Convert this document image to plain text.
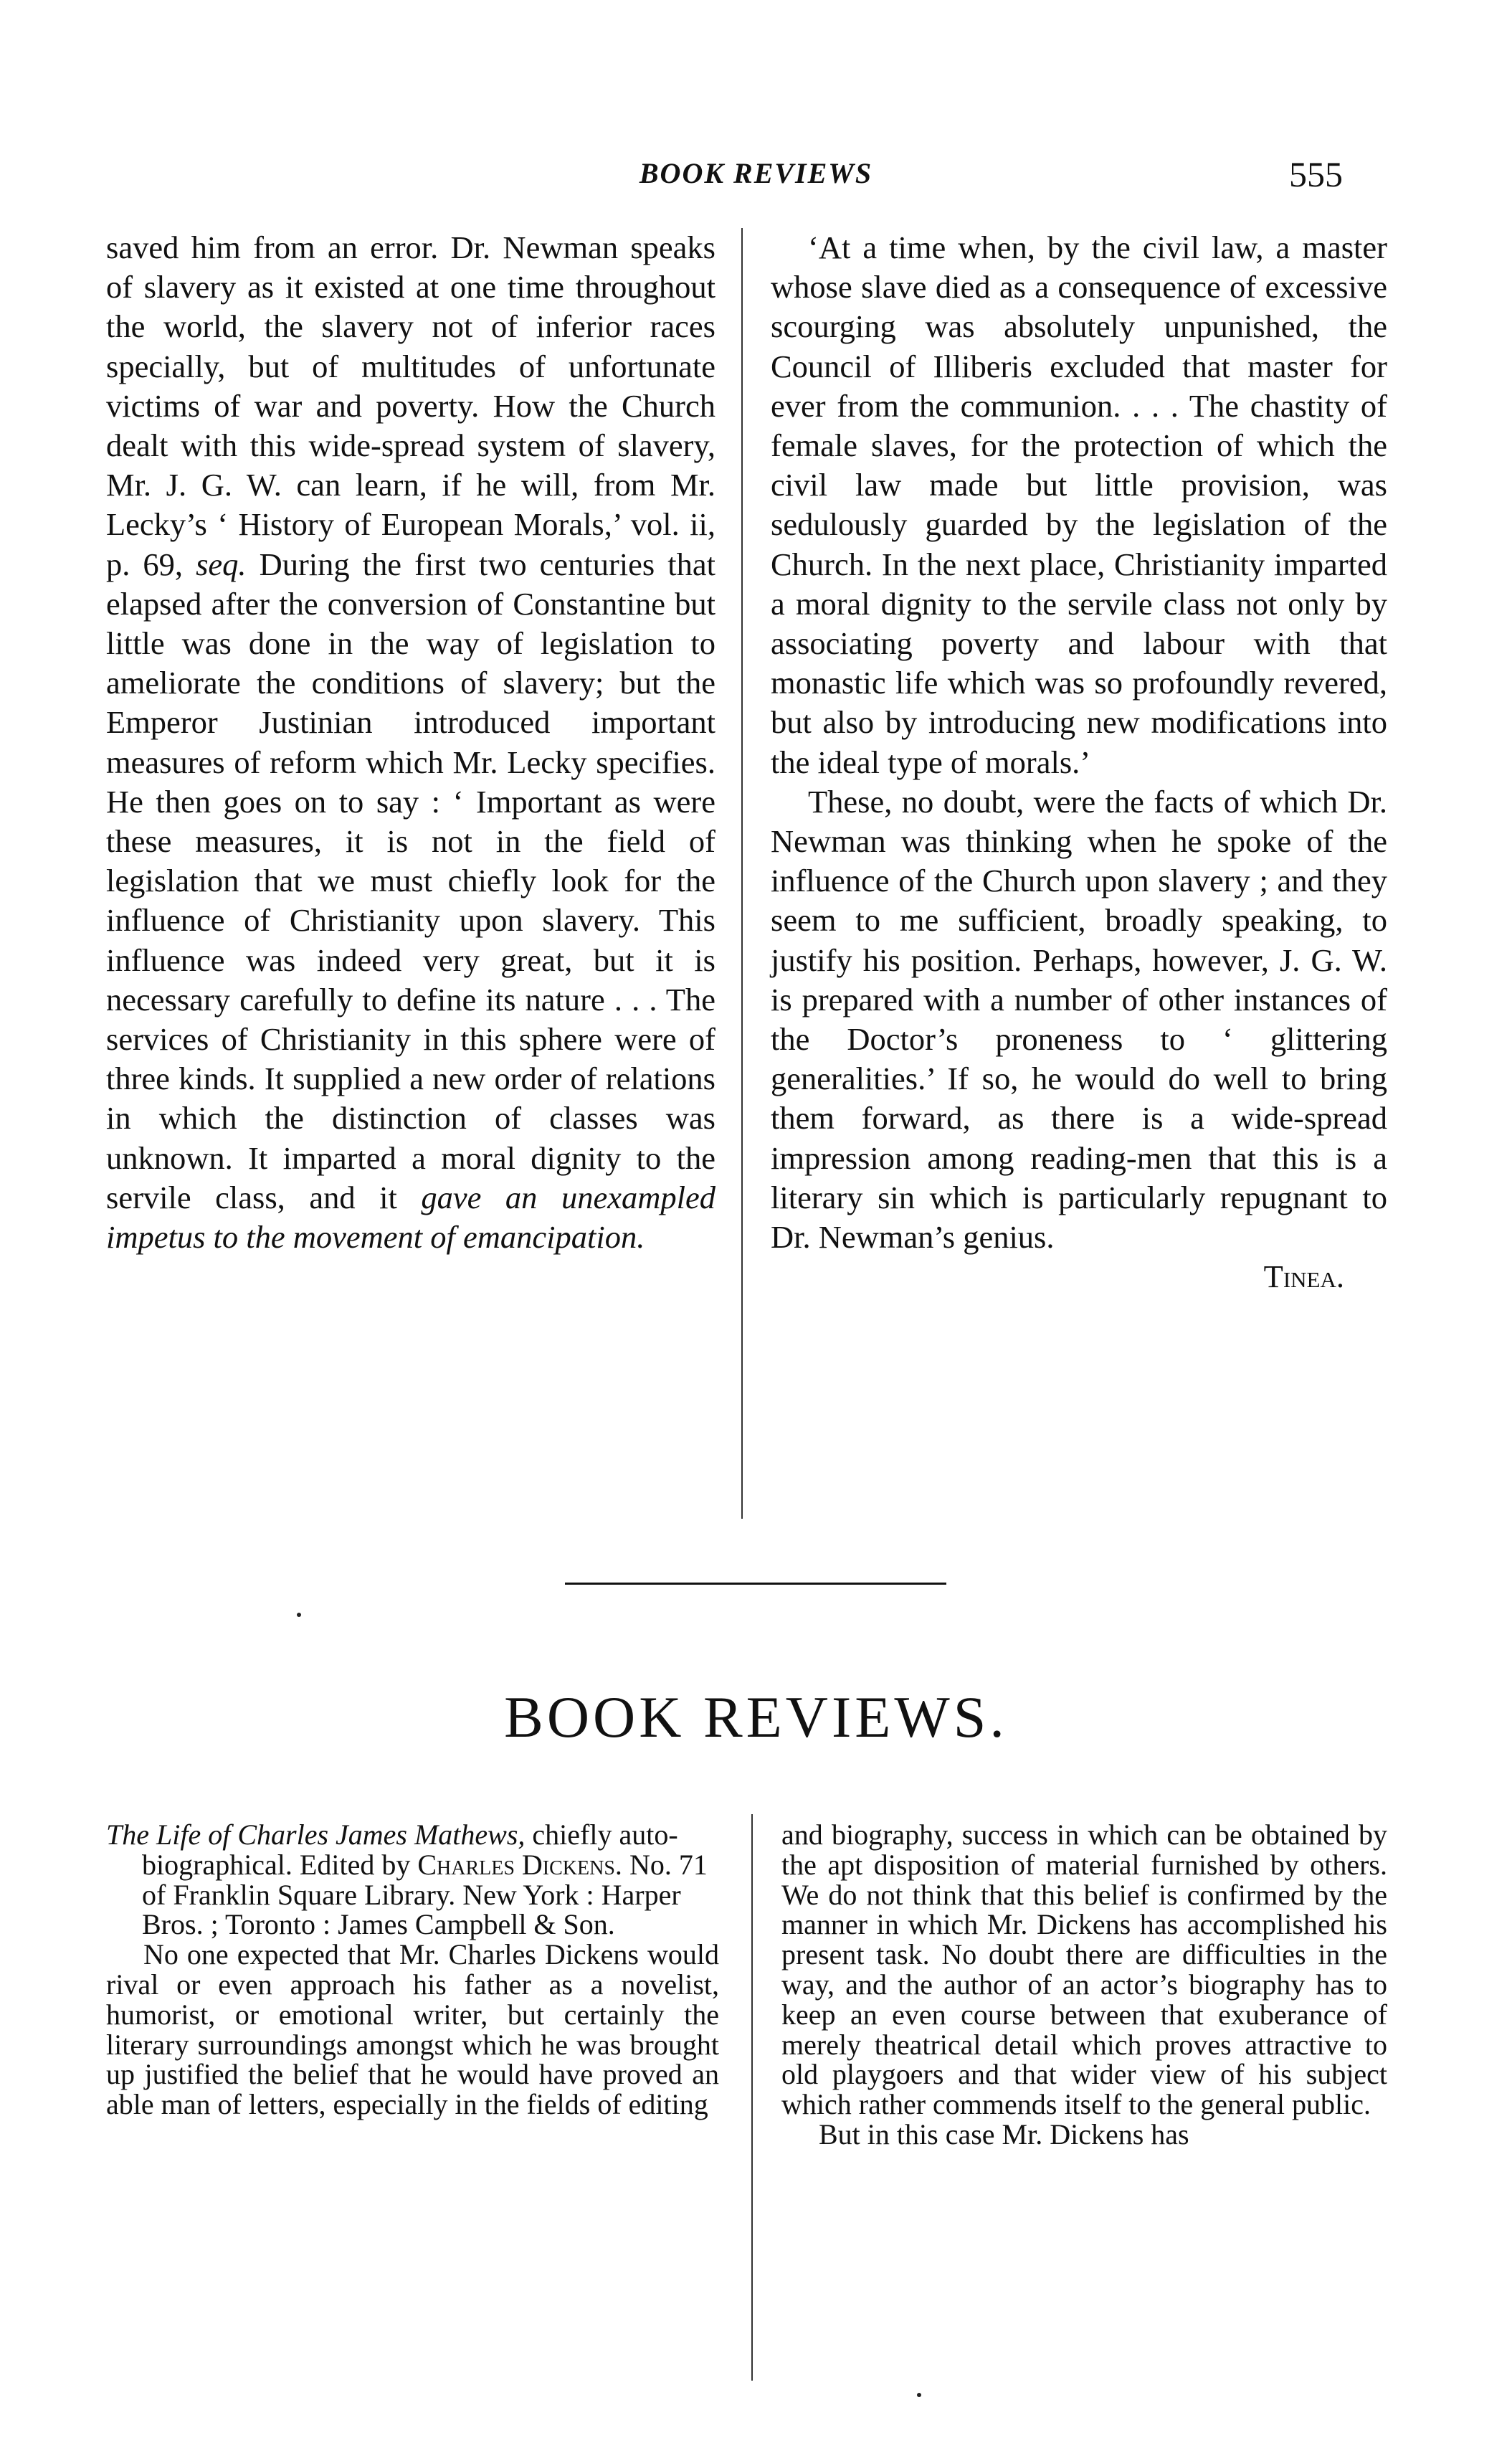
BOOK REVIEWS	555

saved him from an error. Dr. Newman speaks of slavery as it existed at one time throughout the world, the slavery not of inferior races specially, but of multitudes of unfortunate victims of war and poverty. How the Church dealt with this wide-spread system of slavery, Mr. J. G. W. can learn, if he will, from Mr. Lecky’s ‘ History of European Morals,’ vol. ii, p. 69, seq. During the first two centuries that elapsed after the conversion of Constantine but little was done in the way of legislation to ameliorate the conditions of slavery; but the Emperor Justinian introduced important measures of reform which Mr. Lecky specifies. He then goes on to say : ‘ Important as were these measures, it is not in the field of legislation that we must chiefly look for the influence of Christianity upon slavery. This influence was indeed very great, but it is necessary carefully to define its nature . . . The services of Christianity in this sphere were of three kinds. It supplied a new order of relations in which the distinction of classes was unknown. It imparted a moral dignity to the servile class, and it gave an unexampled impetus to the movement of emancipation.

‘At a time when, by the civil law, a master whose slave died as a consequence of excessive scourging was absolutely unpunished, the Council of Illiberis excluded that master for ever from the communion. . . . The chastity of female slaves, for the protection of which the civil law made but little provision, was sedulously guarded by the legislation of the Church. In the next place, Christianity imparted a moral dignity to the servile class not only by associating poverty and labour with that monastic life which was so profoundly revered, but also by introducing new modifications into the ideal type of morals.’

These, no doubt, were the facts of which Dr. Newman was thinking when he spoke of the influence of the Church upon slavery ; and they seem to me sufficient, broadly speaking, to justify his position. Perhaps, however, J. G. W. is prepared with a number of other instances of the Doctor’s proneness to ‘ glittering generalities.’ If so, he would do well to bring them forward, as there is a wide-spread impression among reading-men that this is a literary sin which is particularly repugnant to Dr. Newman’s genius.

Tinea.

BOOK REVIEWS.

The Life of Charles James Mathews, chiefly auto-biographical. Edited by Charles Dickens. No. 71 of Franklin Square Library. New York : Harper Bros. ; Toronto : James Campbell & Son.

No one expected that Mr. Charles Dickens would rival or even approach his father as a novelist, humorist, or emotional writer, but certainly the literary surroundings amongst which he was brought up justified the belief that he would have proved an able man of letters, especially in the fields of editing

and biography, success in which can be obtained by the apt disposition of material furnished by others. We do not think that this belief is confirmed by the manner in which Mr. Dickens has accomplished his present task. No doubt there are difficulties in the way, and the author of an actor’s biography has to keep an even course between that exuberance of merely theatrical detail which proves attractive to old playgoers and that wider view of his subject which rather commends itself to the general public.

But in this case Mr. Dickens has
